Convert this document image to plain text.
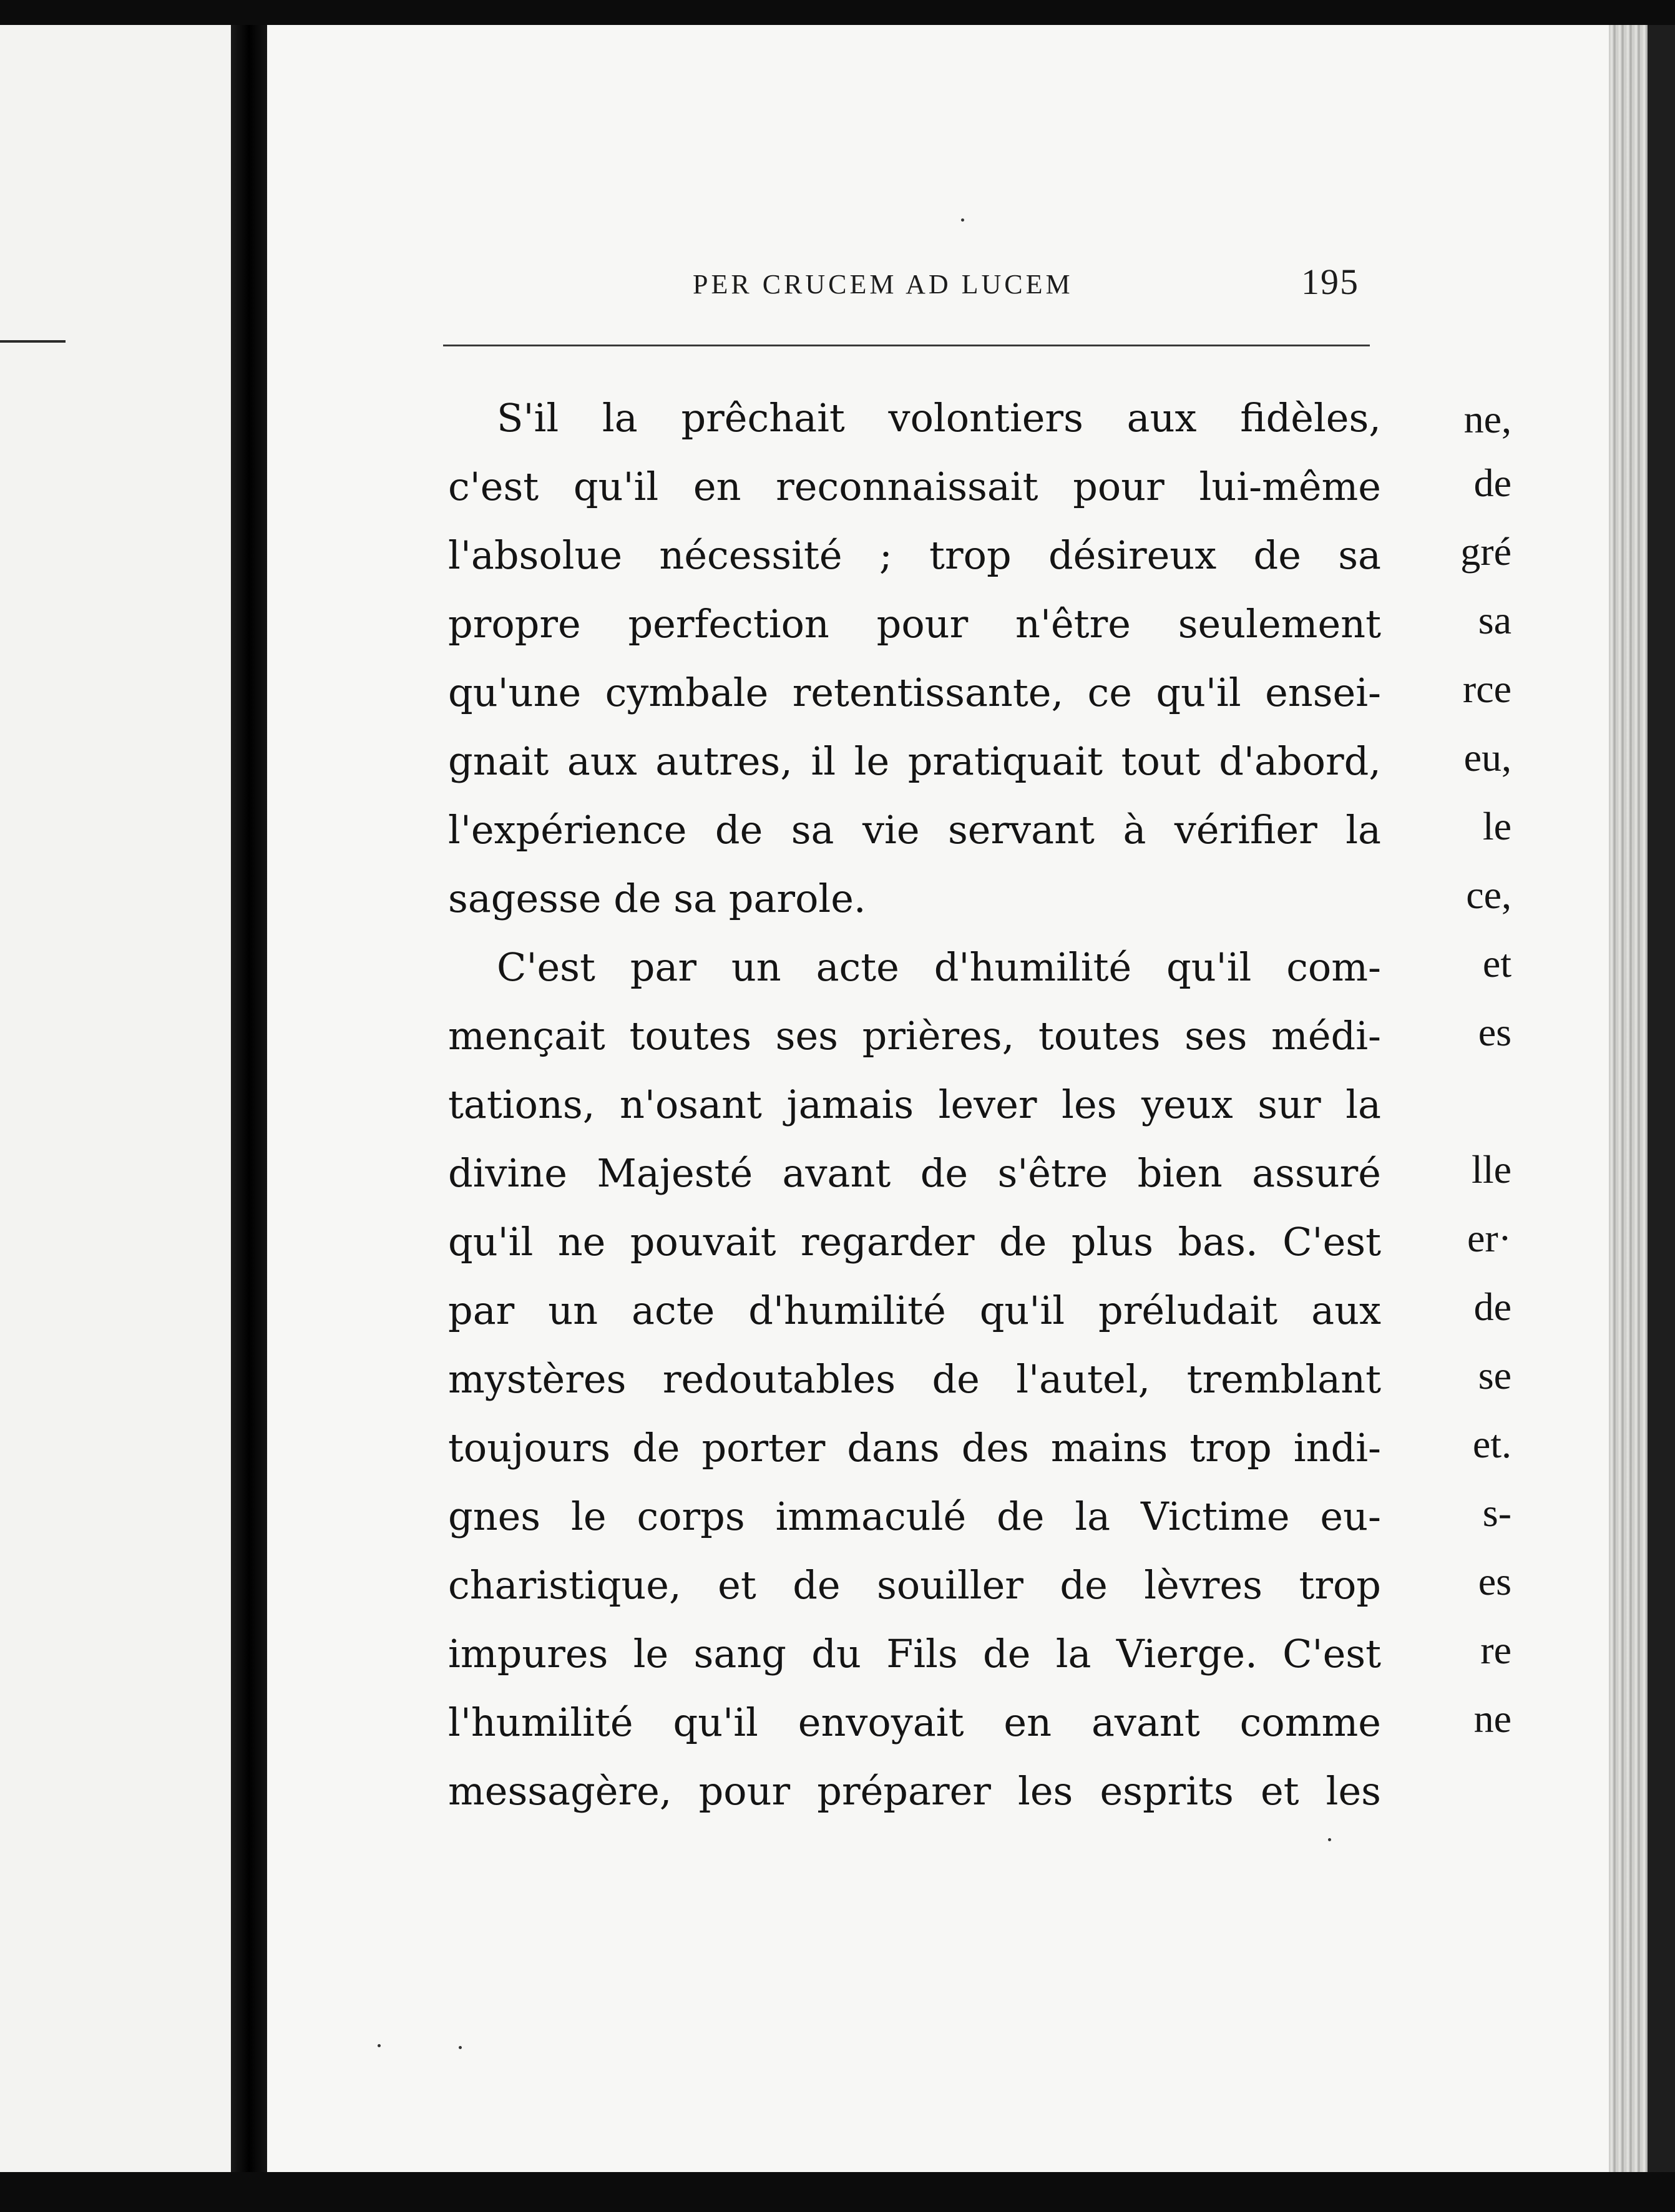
ne,
de
gré
sa
rce
eu,
le
ce,
et
es
lle
er·
de
se
et.
s-
es
re
ne
PER CRUCEM AD LUCEM	195
S'il la prêchait volontiers aux fidèles,
c'est qu'il en reconnaissait pour lui-même
l'absolue nécessité ; trop désireux de sa
propre perfection pour n'être seulement
qu'une cymbale retentissante, ce qu'il ensei-
gnait aux autres, il le pratiquait tout d'abord,
l'expérience de sa vie servant à vérifier la
sagesse de sa parole.
C'est par un acte d'humilité qu'il com-
mençait toutes ses prières, toutes ses médi-
tations, n'osant jamais lever les yeux sur la
divine Majesté avant de s'être bien assuré
qu'il ne pouvait regarder de plus bas. C'est
par un acte d'humilité qu'il préludait aux
mystères redoutables de l'autel, tremblant
toujours de porter dans des mains trop indi-
gnes le corps immaculé de la Victime eu-
charistique, et de souiller de lèvres trop
impures le sang du Fils de la Vierge. C'est
l'humilité qu'il envoyait en avant comme
messagère, pour préparer les esprits et les
